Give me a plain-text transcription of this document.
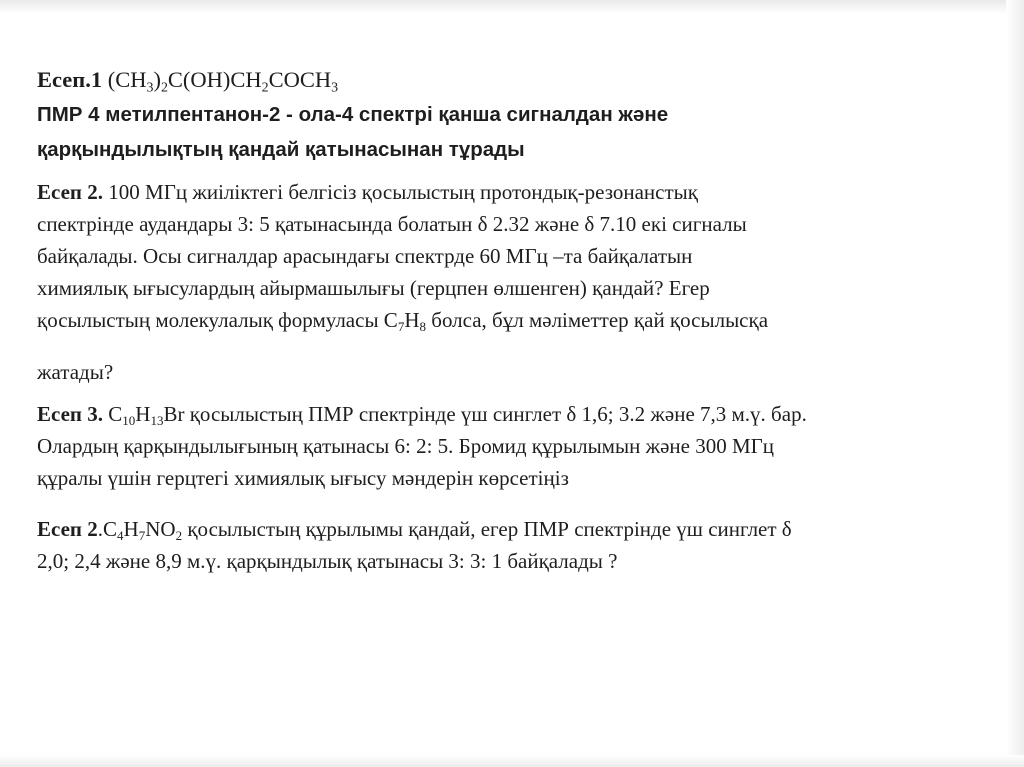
Есеп.1 $(CH_3)_2C(OH)CH_2COCH_3$
ПМР 4 метилпентанон-2 - ола-4 спектрі қанша сигналдан және
қарқындылықтың қандай қатынасынан тұрады
Есеп 2. 100 МГц жиіліктегі белгісіз қосылыстың протондық-резонанстық
спектрінде аудандары 3: 5 қатынасында болатын δ 2.32 және δ 7.10 екі сигналы
байқалады. Осы сигналдар арасындағы спектрде 60 МГц –та байқалатын
химиялық ығысулардың айырмашылығы (герцпен өлшенген) қандай? Егер
қосылыстың молекулалық формуласы $С_7Н_8$ болса, бұл мәліметтер қай қосылысқа
жатады?
Есеп 3. $С_{10}Н_{13}Br$ қосылыстың ПМР спектрінде үш синглет δ 1,6; 3.2 және 7,3 м.ү. бар.
Олардың қарқындылығының қатынасы 6: 2: 5. Бромид құрылымын және 300 МГц
құралы үшін герцтегі химиялық ығысу мәндерін көрсетіңіз
Есеп $2.C_4H_7NO_2$ қосылыстың құрылымы қандай, егер ПМР спектрінде үш синглет δ
2,0; 2,4 және 8,9 м.ү. қарқындылық қатынасы 3: 3: 1 байқалады ?
